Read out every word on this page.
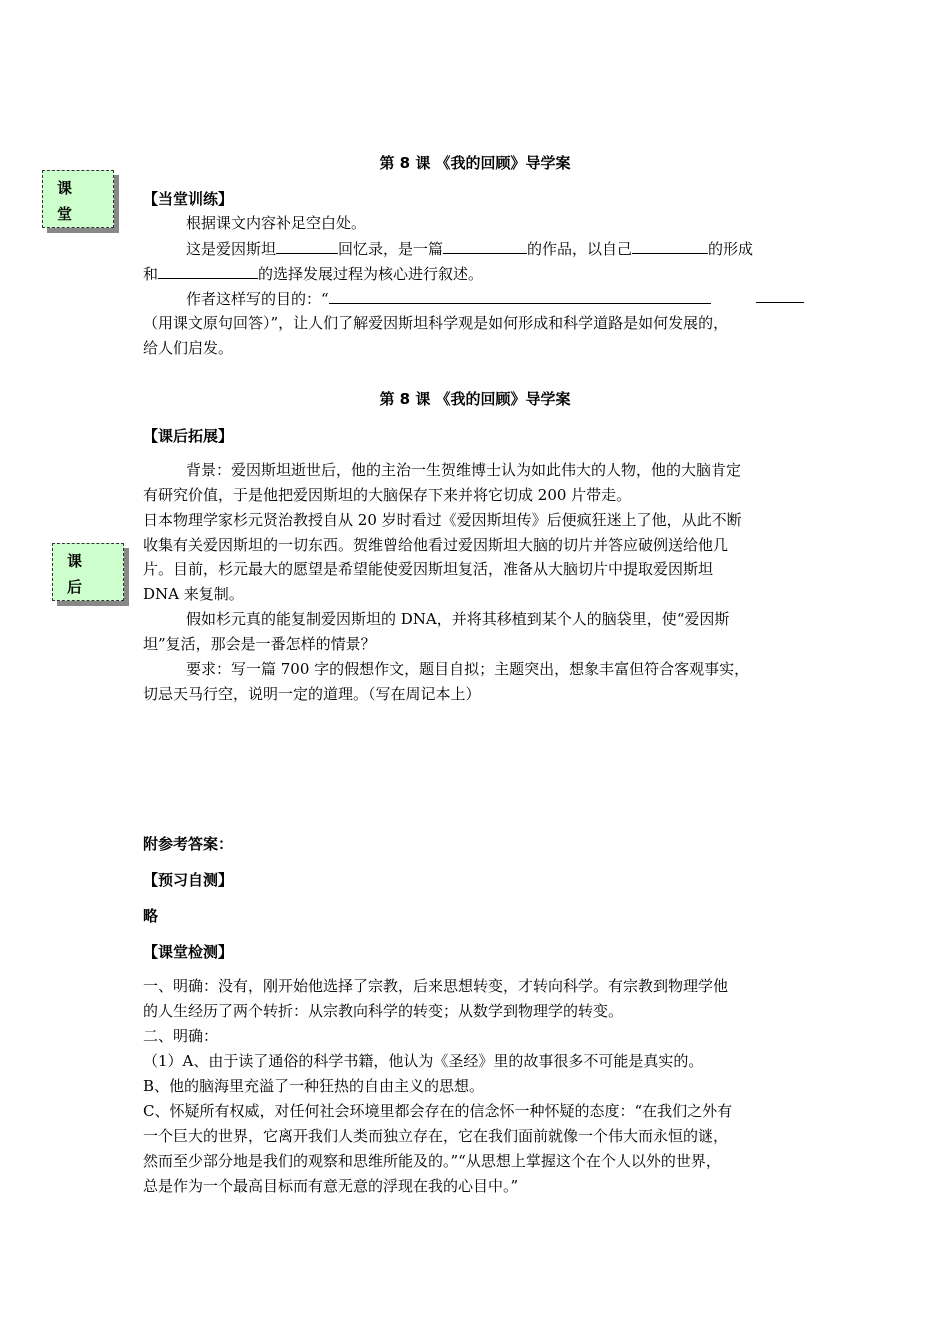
课
堂
课
后
第 8 课 《我的回顾》导学案
【当堂训练】
根据课文内容补足空白处。
这是爱因斯坦	回忆录，是一篇	的作品，以自己	的形成
和	的选择发展过程为核心进行叙述。
作者这样写的目的：“
（用课文原句回答）”，让人们了解爱因斯坦科学观是如何形成和科学道路是如何发展的，
给人们启发。
第 8 课 《我的回顾》导学案
【课后拓展】
背景：爱因斯坦逝世后，他的主治一生贺维博士认为如此伟大的人物，他的大脑肯定
有研究价值，于是他把爱因斯坦的大脑保存下来并将它切成 200 片带走。
日本物理学家杉元贤治教授自从 20 岁时看过《爱因斯坦传》后便疯狂迷上了他，从此不断
收集有关爱因斯坦的一切东西。贺维曾给他看过爱因斯坦大脑的切片并答应破例送给他几
片。目前，杉元最大的愿望是希望能使爱因斯坦复活，准备从大脑切片中提取爱因斯坦
DNA 来复制。
假如杉元真的能复制爱因斯坦的 DNA，并将其移植到某个人的脑袋里，使“爱因斯
坦”复活，那会是一番怎样的情景？
要求：写一篇 700 字的假想作文，题目自拟；主题突出，想象丰富但符合客观事实，
切忌天马行空，说明一定的道理。（写在周记本上）
附参考答案：
【预习自测】
略
【课堂检测】
一、明确：没有，刚开始他选择了宗教，后来思想转变，才转向科学。有宗教到物理学他
的人生经历了两个转折：从宗教向科学的转变；从数学到物理学的转变。
二、明确：
（1）A、由于读了通俗的科学书籍，他认为《圣经》里的故事很多不可能是真实的。
B、他的脑海里充溢了一种狂热的自由主义的思想。
C、怀疑所有权威，对任何社会环境里都会存在的信念怀一种怀疑的态度：“在我们之外有
一个巨大的世界，它离开我们人类而独立存在，它在我们面前就像一个伟大而永恒的谜，
然而至少部分地是我们的观察和思维所能及的。”“从思想上掌握这个在个人以外的世界，
总是作为一个最高目标而有意无意的浮现在我的心目中。”
